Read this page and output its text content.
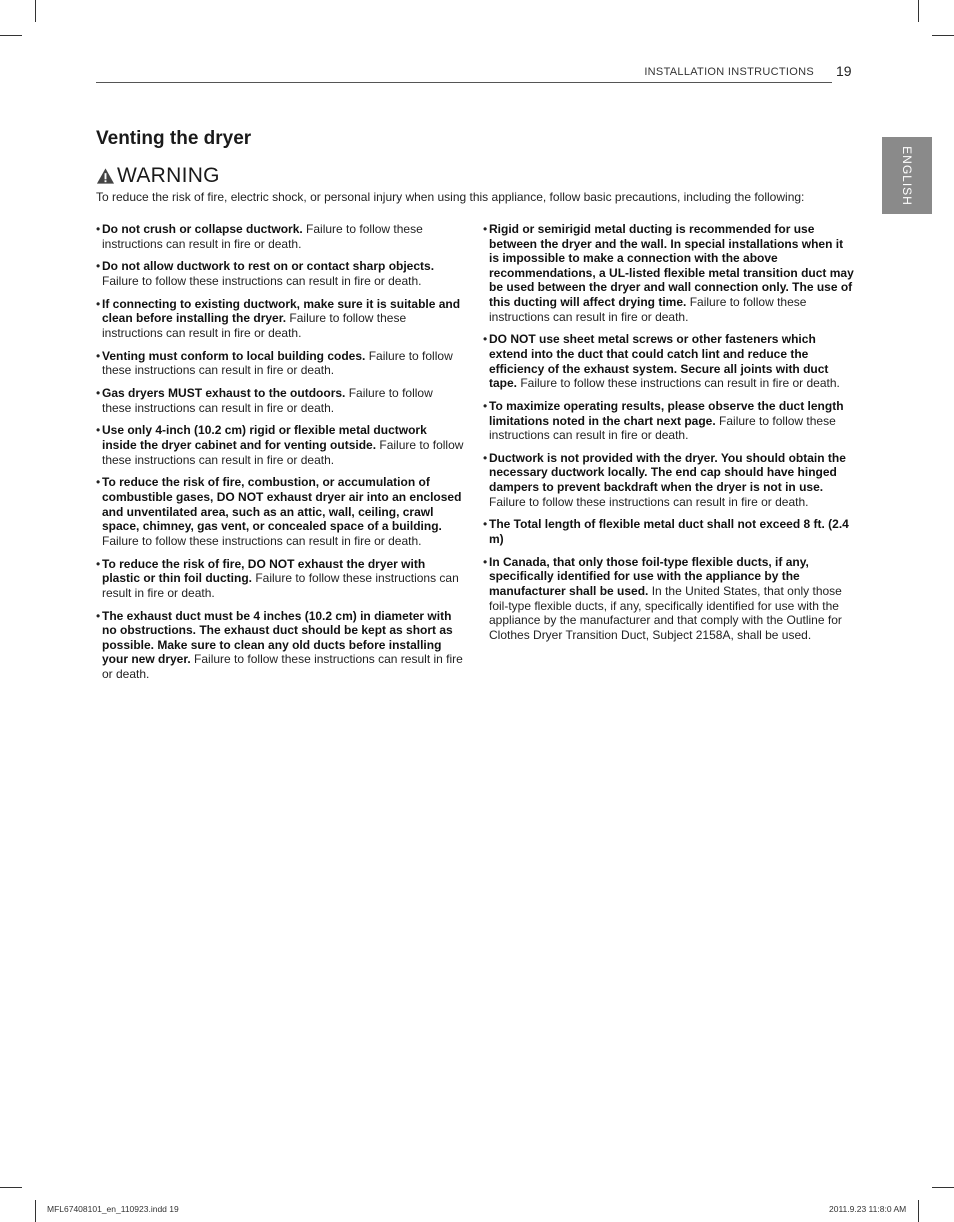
INSTALLATION INSTRUCTIONS 19
ENGLISH
Venting the dryer
WARNING

To reduce the risk of fire, electric shock, or personal injury when using this appliance, follow basic precautions, including the following:

• Do not crush or collapse ductwork. Failure to follow these instructions can result in fire or death.
• Do not allow ductwork to rest on or contact sharp objects. Failure to follow these instructions can result in fire or death.
• If connecting to existing ductwork, make sure it is suitable and clean before installing the dryer. Failure to follow these instructions can result in fire or death.
• Venting must conform to local building codes. Failure to follow these instructions can result in fire or death.
• Gas dryers MUST exhaust to the outdoors. Failure to follow these instructions can result in fire or death.
• Use only 4-inch (10.2 cm) rigid or flexible metal ductwork inside the dryer cabinet and for venting outside. Failure to follow these instructions can result in fire or death.
• To reduce the risk of fire, combustion, or accumulation of combustible gases, DO NOT exhaust dryer air into an enclosed and unventilated area, such as an attic, wall, ceiling, crawl space, chimney, gas vent, or concealed space of a building. Failure to follow these instructions can result in fire or death.
• To reduce the risk of fire, DO NOT exhaust the dryer with plastic or thin foil ducting. Failure to follow these instructions can result in fire or death.
• The exhaust duct must be 4 inches (10.2 cm) in diameter with no obstructions. The exhaust duct should be kept as short as possible. Make sure to clean any old ducts before installing your new dryer. Failure to follow these instructions can result in fire or death.
• Rigid or semirigid metal ducting is recommended for use between the dryer and the wall. In special installations when it is impossible to make a connection with the above recommendations, a UL-listed flexible metal transition duct may be used between the dryer and wall connection only. The use of this ducting will affect drying time. Failure to follow these instructions can result in fire or death.
• DO NOT use sheet metal screws or other fasteners which extend into the duct that could catch lint and reduce the efficiency of the exhaust system. Secure all joints with duct tape. Failure to follow these instructions can result in fire or death.
• To maximize operating results, please observe the duct length limitations noted in the chart next page. Failure to follow these instructions can result in fire or death.
• Ductwork is not provided with the dryer. You should obtain the necessary ductwork locally. The end cap should have hinged dampers to prevent backdraft when the dryer is not in use. Failure to follow these instructions can result in fire or death.
• The Total length of flexible metal duct shall not exceed 8 ft. (2.4 m)
• In Canada, that only those foil-type flexible ducts, if any, specifically identified for use with the appliance by the manufacturer shall be used. In the United States, that only those foil-type flexible ducts, if any, specifically identified for use with the appliance by the manufacturer and that comply with the Outline for Clothes Dryer Transition Duct, Subject 2158A, shall be used.
MFL67408101_en_110923.indd 19	2011.9.23 11:8:0 AM
